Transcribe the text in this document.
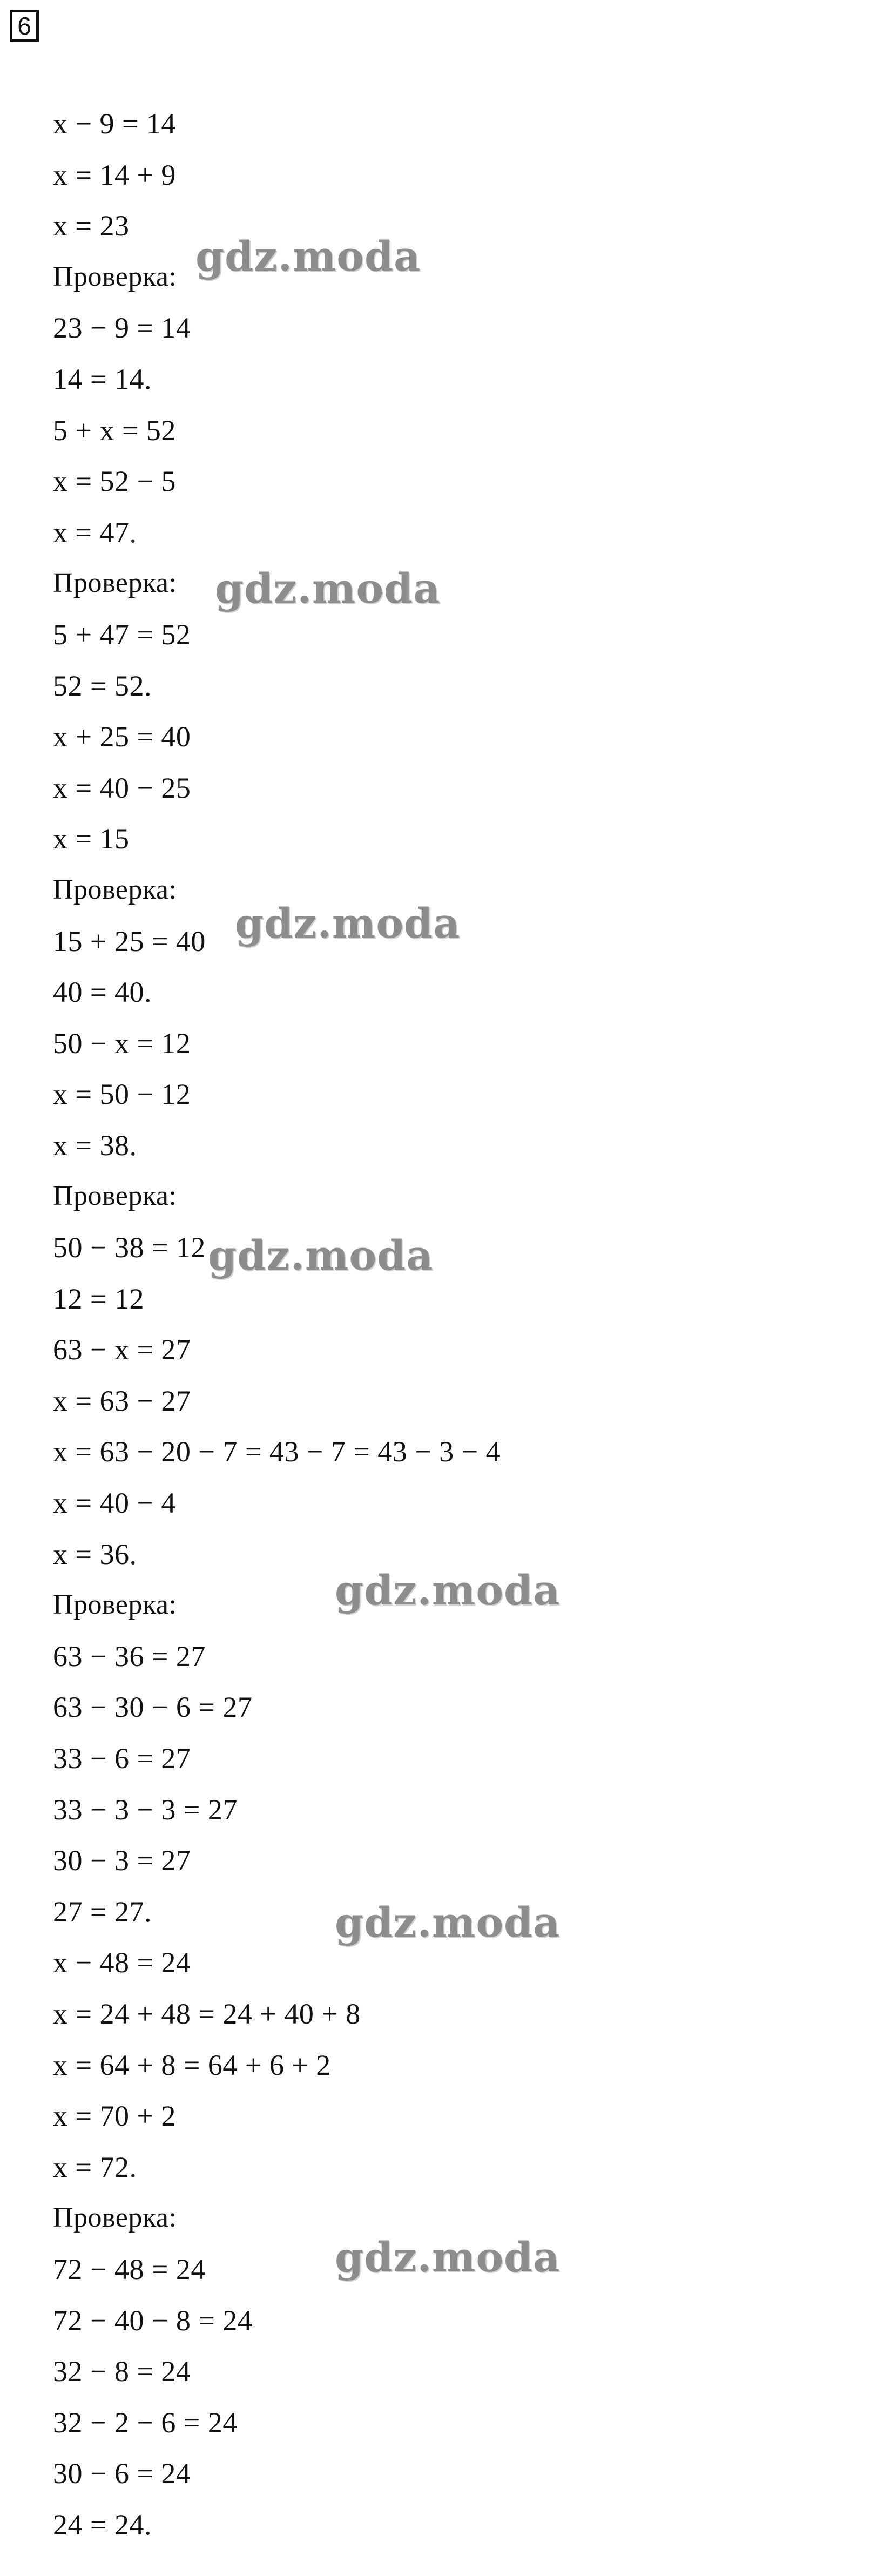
6
x − 9 = 14
x = 14 + 9
x = 23
Проверка:
23 − 9 = 14
14 = 14.
5 + x = 52
x = 52 − 5
x = 47.
Проверка:
5 + 47 = 52
52 = 52.
x + 25 = 40
x = 40 − 25
x = 15
Проверка:
15 + 25 = 40
40 = 40.
50 − x = 12
x = 50 − 12
x = 38.
Проверка:
50 − 38 = 12
12 = 12
63 − x = 27
x = 63 − 27
x = 63 − 20 − 7 = 43 − 7 = 43 − 3 − 4
x = 40 − 4
x = 36.
Проверка:
63 − 36 = 27
63 − 30 − 6 = 27
33 − 6 = 27
33 − 3 − 3 = 27
30 − 3 = 27
27 = 27.
x − 48 = 24
x = 24 + 48 = 24 + 40 + 8
x = 64 + 8 = 64 + 6 + 2
x = 70 + 2
x = 72.
Проверка:
72 − 48 = 24
72 − 40 − 8 = 24
32 − 8 = 24
32 − 2 − 6 = 24
30 − 6 = 24
24 = 24.
gdz.moda
gdz.moda
gdz.moda
gdz.moda
gdz.moda
gdz.moda
gdz.moda
